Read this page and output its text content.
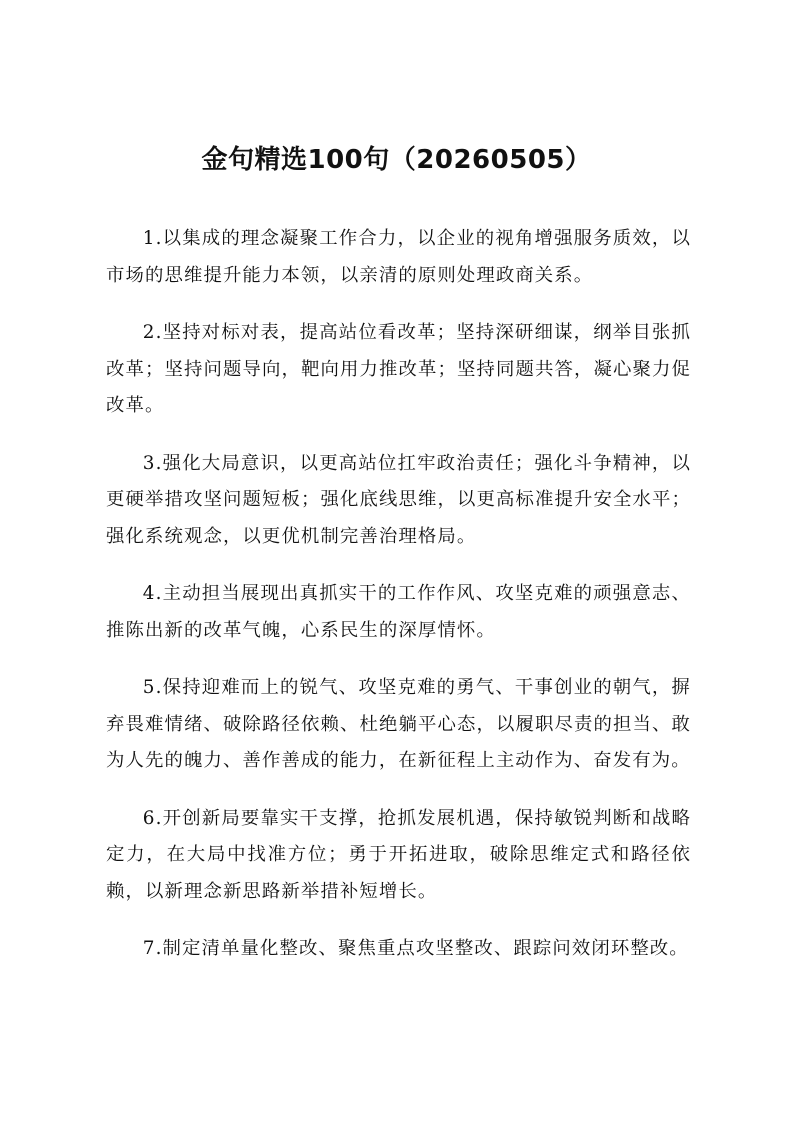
金句精选100句（20260505）

1.以集成的理念凝聚工作合力，以企业的视角增强服务质效，以市场的思维提升能力本领，以亲清的原则处理政商关系。

2.坚持对标对表，提高站位看改革；坚持深研细谋，纲举目张抓改革；坚持问题导向，靶向用力推改革；坚持同题共答，凝心聚力促改革。

3.强化大局意识，以更高站位扛牢政治责任；强化斗争精神，以更硬举措攻坚问题短板；强化底线思维，以更高标准提升安全水平；强化系统观念，以更优机制完善治理格局。

4.主动担当展现出真抓实干的工作作风、攻坚克难的顽强意志、推陈出新的改革气魄，心系民生的深厚情怀。

5.保持迎难而上的锐气、攻坚克难的勇气、干事创业的朝气，摒弃畏难情绪、破除路径依赖、杜绝躺平心态，以履职尽责的担当、敢为人先的魄力、善作善成的能力，在新征程上主动作为、奋发有为。

6.开创新局要靠实干支撑，抢抓发展机遇，保持敏锐判断和战略定力，在大局中找准方位；勇于开拓进取，破除思维定式和路径依赖，以新理念新思路新举措补短增长。

7.制定清单量化整改、聚焦重点攻坚整改、跟踪问效闭环整改。
